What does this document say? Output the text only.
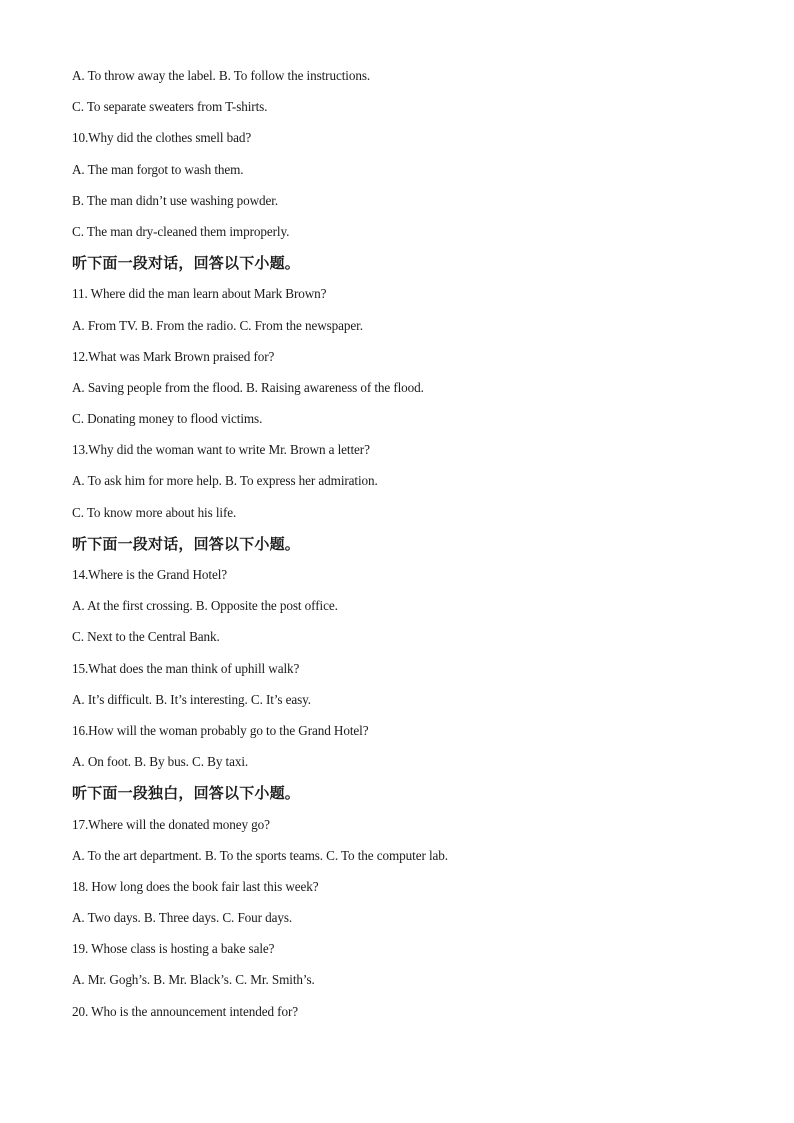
A. To throw away the label. B. To follow the instructions.
C. To separate sweaters from T-shirts.
10.Why did the clothes smell bad?
A. The man forgot to wash them.
B. The man didn’t use washing powder.
C. The man dry-cleaned them improperly.
听下面一段对话，回答以下小题。
11. Where did the man learn about Mark Brown?
A. From TV. B. From the radio. C. From the newspaper.
12.What was Mark Brown praised for?
A. Saving people from the flood. B. Raising awareness of the flood.
C. Donating money to flood victims.
13.Why did the woman want to write Mr. Brown a letter?
A. To ask him for more help. B. To express her admiration.
C. To know more about his life.
听下面一段对话，回答以下小题。
14.Where is the Grand Hotel?
A. At the first crossing. B. Opposite the post office.
C. Next to the Central Bank.
15.What does the man think of uphill walk?
A. It’s difficult. B. It’s interesting. C. It’s easy.
16.How will the woman probably go to the Grand Hotel?
A. On foot. B. By bus. C. By taxi.
听下面一段独白，回答以下小题。
17.Where will the donated money go?
A. To the art department. B. To the sports teams. C. To the computer lab.
18. How long does the book fair last this week?
A. Two days. B. Three days. C. Four days.
19. Whose class is hosting a bake sale?
A. Mr. Gogh’s. B. Mr. Black’s. C. Mr. Smith’s.
20. Who is the announcement intended for?
